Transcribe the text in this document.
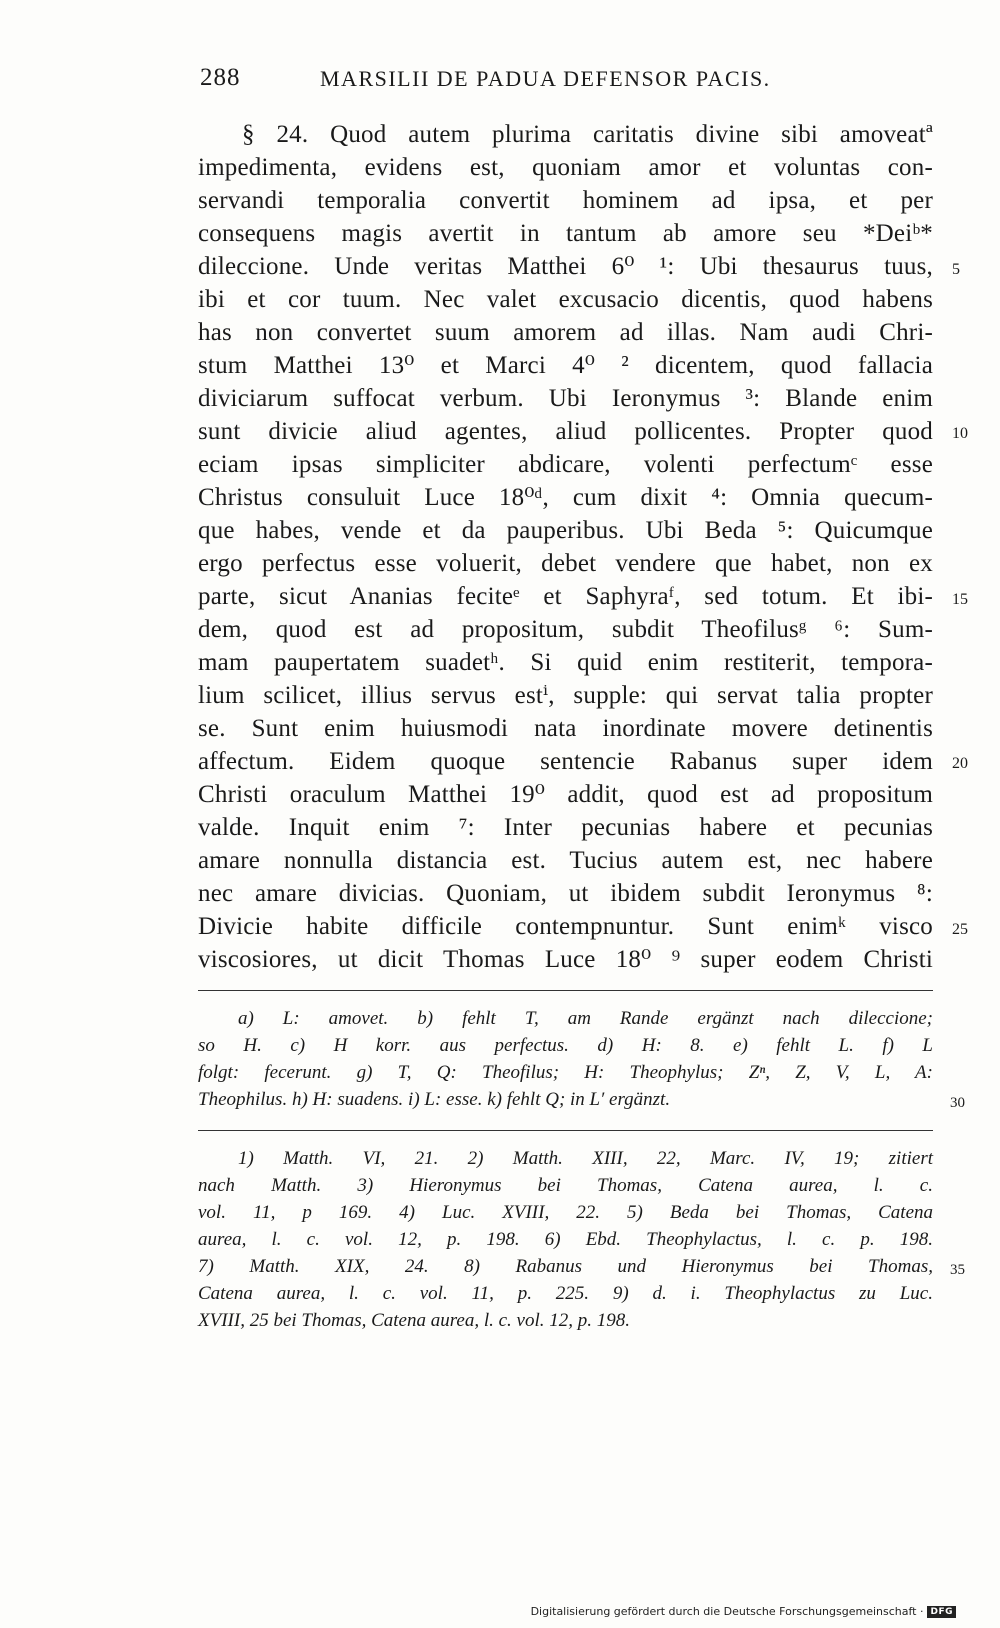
288	MARSILII DE PADUA DEFENSOR PACIS.
§ 24. Quod autem plurima caritatis divine sibi amoveatª
impedimenta, evidens est, quoniam amor et voluntas con-
servandi temporalia convertit hominem ad ipsa, et per
consequens magis avertit in tantum ab amore seu *Deiᵇ*
dileccione. Unde veritas Matthei 6⁰ ¹: Ubi thesaurus tuus,
ibi et cor tuum. Nec valet excusacio dicentis, quod habens
has non convertet suum amorem ad illas. Nam audi Chri-
stum Matthei 13⁰ et Marci 4⁰ ² dicentem, quod fallacia
diviciarum suffocat verbum. Ubi Ieronymus ³: Blande enim
sunt divicie aliud agentes, aliud pollicentes. Propter quod
eciam ipsas simpliciter abdicare, volenti perfectumᶜ esse
Christus consuluit Luce 18⁰ᵈ, cum dixit ⁴: Omnia quecum-
que habes, vende et da pauperibus. Ubi Beda ⁵: Quicumque
ergo perfectus esse voluerit, debet vendere que habet, non ex
parte, sicut Ananias feciteᵉ et Saphyraᶠ, sed totum. Et ibi-
dem, quod est ad propositum, subdit Theofilusᵍ ⁶: Sum-
mam paupertatem suadetʰ. Si quid enim restiterit, tempora-
lium scilicet, illius servus estⁱ, supple: qui servat talia propter
se. Sunt enim huiusmodi nata inordinate movere detinentis
affectum. Eidem quoque sentencie Rabanus super idem
Christi oraculum Matthei 19⁰ addit, quod est ad propositum
valde. Inquit enim ⁷: Inter pecunias habere et pecunias
amare nonnulla distancia est. Tucius autem est, nec habere
nec amare divicias. Quoniam, ut ibidem subdit Ieronymus ⁸:
Divicie habite difficile contempnuntur. Sunt enimᵏ visco
viscosiores, ut dicit Thomas Luce 18⁰ ⁹ super eodem Christi
5
10
15
20
25
a) L: amovet. b) fehlt T, am Rande ergänzt nach dileccione;
so H. c) H korr. aus perfectus. d) H: 8. e) fehlt L. f) L
folgt: fecerunt. g) T, Q: Theofilus; H: Theophylus; Zⁿ, Z, V, L, A:
Theophilus. h) H: suadens. i) L: esse. k) fehlt Q; in L′ ergänzt.	30
1) Matth. VI, 21. 2) Matth. XIII, 22, Marc. IV, 19; zitiert
nach Matth. 3) Hieronymus bei Thomas, Catena aurea, l. c.
vol. 11, p 169. 4) Luc. XVIII, 22. 5) Beda bei Thomas, Catena
aurea, l. c. vol. 12, p. 198. 6) Ebd. Theophylactus, l. c. p. 198.
7) Matth. XIX, 24. 8) Rabanus und Hieronymus bei Thomas,
Catena aurea, l. c. vol. 11, p. 225. 9) d. i. Theophylactus zu Luc.
XVIII, 25 bei Thomas, Catena aurea, l. c. vol. 12, p. 198.
35
Digitalisierung gefördert durch die Deutsche Forschungsgemeinschaft · DFG
